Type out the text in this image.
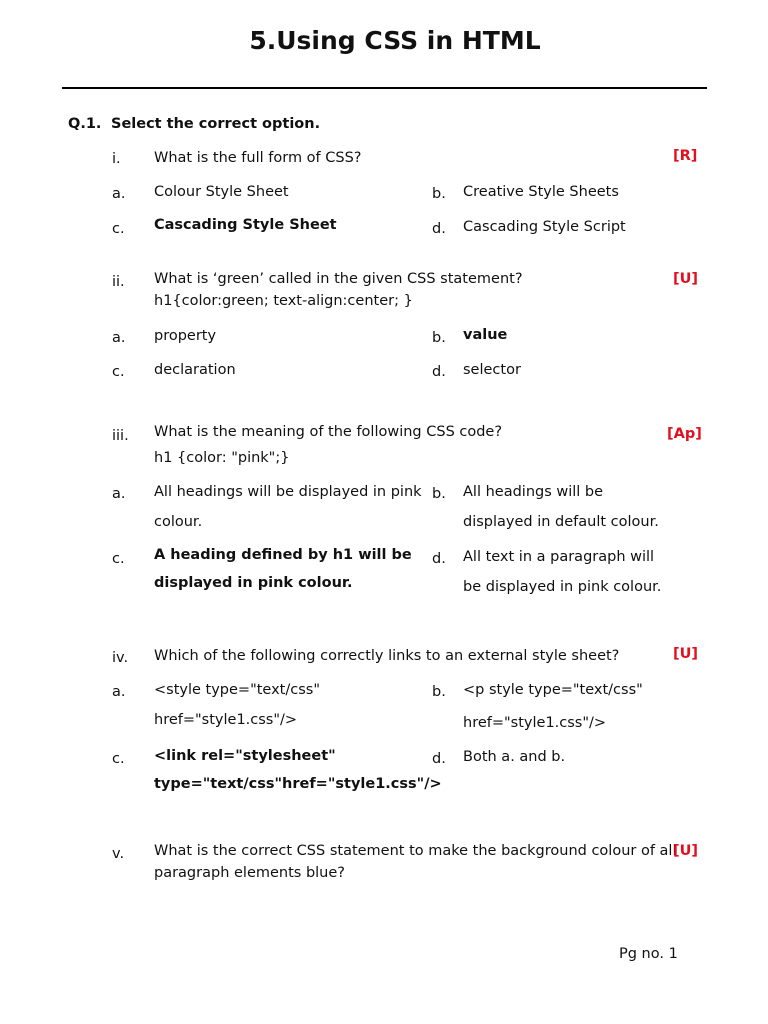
5.Using CSS in HTML
Q.1. Select the correct option.
i. What is the full form of CSS?	[R]
a. Colour Style Sheet	b. Creative Style Sheets
c. Cascading Style Sheet	d. Cascading Style Script
ii. What is ‘green’ called in the given CSS statement?
h1{color:green; text-align:center; }
[U]
a. property	b. value
c. declaration	d. selector
iii. What is the meaning of the following CSS code?
h1 {color: "pink";}
[Ap]
a. All headings will be displayed in pink
colour.
b. All headings will be
displayed in default colour.
c. A heading defined by h1 will be
displayed in pink colour.
d. All text in a paragraph will
be displayed in pink colour.
iv. Which of the following correctly links to an external style sheet?	[U]
a. <style type="text/css"
href="style1.css"/>
b. <p style type="text/css"
href="style1.css"/>
c. <link rel="stylesheet"
type="text/css"href="style1.css"/>
d. Both a. and b.
v. What is the correct CSS statement to make the background colour of all
paragraph elements blue?
[U]
Pg no. 1
